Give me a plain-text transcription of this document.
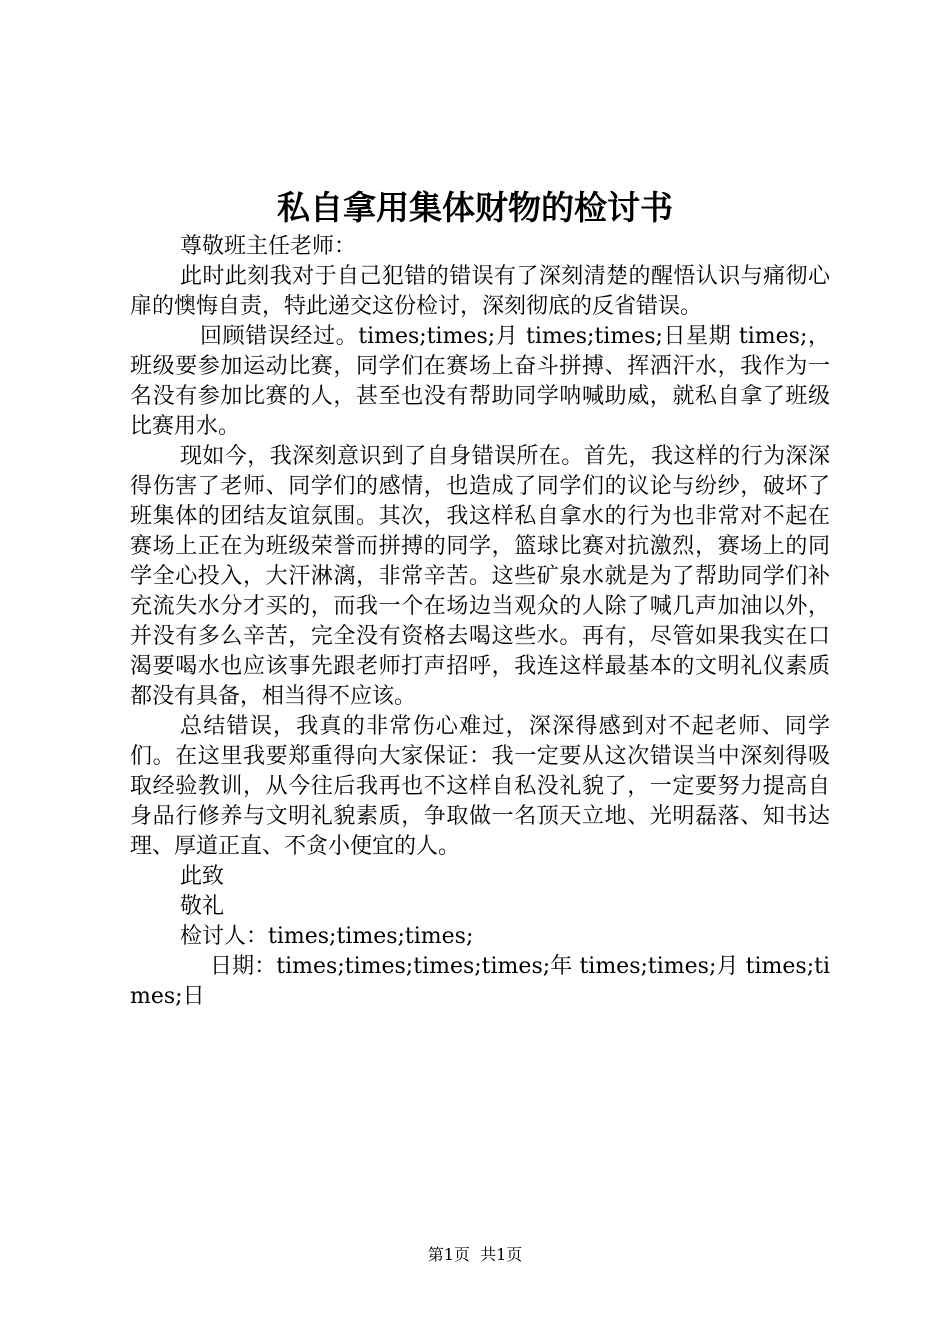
私自拿用集体财物的检讨书

尊敬班主任老师：

此时此刻我对于自己犯错的错误有了深刻清楚的醒悟认识与痛彻心扉的懊悔自责，特此递交这份检讨，深刻彻底的反省错误。

回顾错误经过。times;times;月 times;times;日星期 times;，班级要参加运动比赛，同学们在赛场上奋斗拼搏、挥洒汗水，我作为一名没有参加比赛的人，甚至也没有帮助同学呐喊助威，就私自拿了班级比赛用水。

现如今，我深刻意识到了自身错误所在。首先，我这样的行为深深得伤害了老师、同学们的感情，也造成了同学们的议论与纷纱，破坏了班集体的团结友谊氛围。其次，我这样私自拿水的行为也非常对不起在赛场上正在为班级荣誉而拼搏的同学，篮球比赛对抗激烈，赛场上的同学全心投入，大汗淋漓，非常辛苦。这些矿泉水就是为了帮助同学们补充流失水分才买的，而我一个在场边当观众的人除了喊几声加油以外，并没有多么辛苦，完全没有资格去喝这些水。再有，尽管如果我实在口渴要喝水也应该事先跟老师打声招呼，我连这样最基本的文明礼仪素质都没有具备，相当得不应该。

总结错误，我真的非常伤心难过，深深得感到对不起老师、同学们。在这里我要郑重得向大家保证：我一定要从这次错误当中深刻得吸取经验教训，从今往后我再也不这样自私没礼貌了，一定要努力提高自身品行修养与文明礼貌素质，争取做一名顶天立地、光明磊落、知书达理、厚道正直、不贪小便宜的人。

此致

敬礼

检讨人：times;times;times;

日期：times;times;times;times;年 times;times;月 times;times;日

第1页 共1页
